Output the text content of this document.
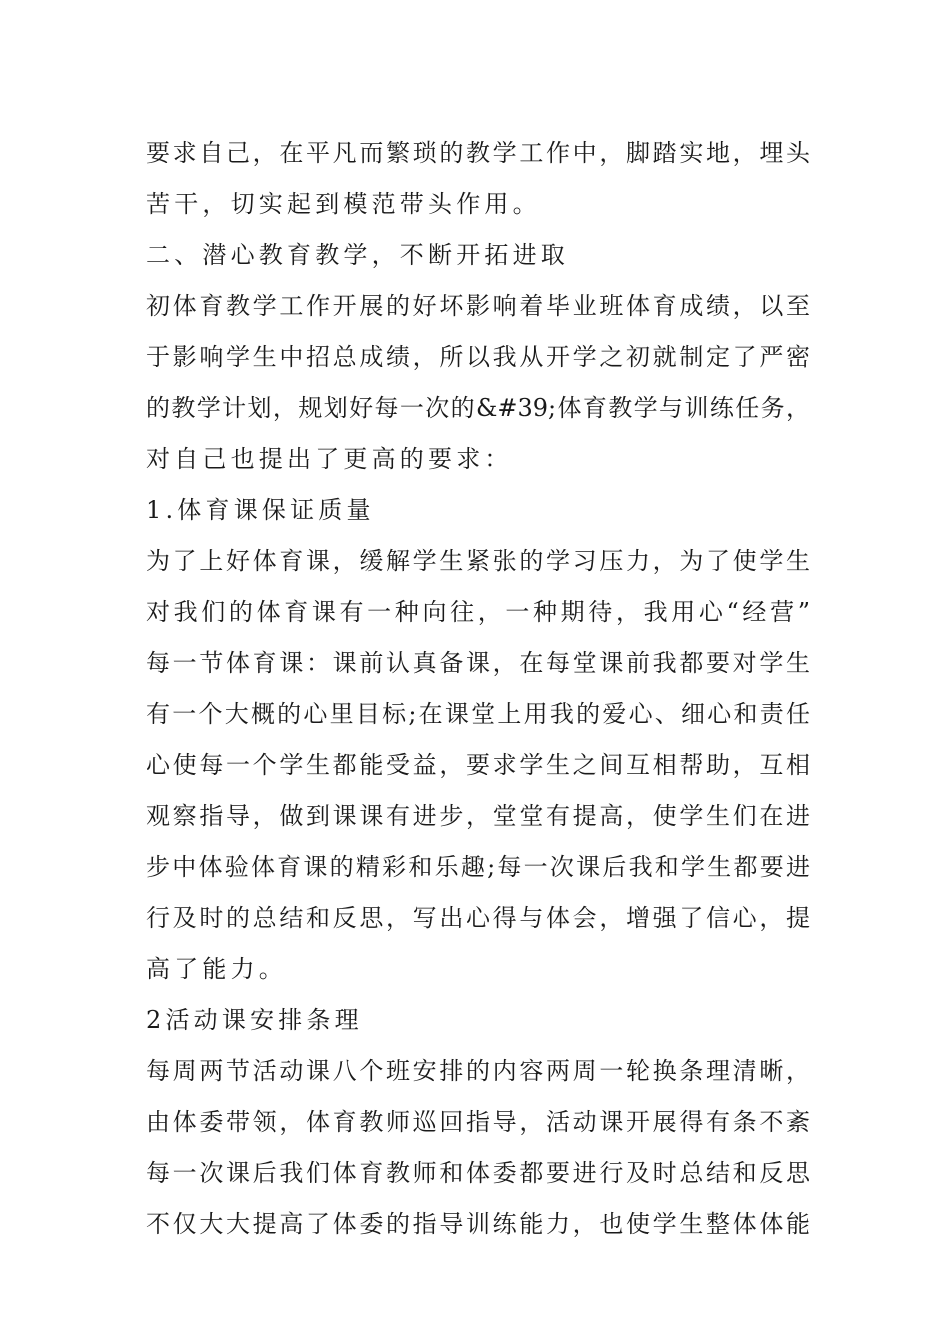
要求自己，在平凡而繁琐的教学工作中，脚踏实地，埋头
苦干，切实起到模范带头作用。
二、潜心教育教学，不断开拓进取
初体育教学工作开展的好坏影响着毕业班体育成绩，以至
于影响学生中招总成绩，所以我从开学之初就制定了严密
的教学计划，规划好每一次的&#39;体育教学与训练任务，
对自己也提出了更高的要求：
1.体育课保证质量
为了上好体育课，缓解学生紧张的学习压力，为了使学生
对我们的体育课有一种向往，一种期待，我用心“经营”
每一节体育课：课前认真备课，在每堂课前我都要对学生
有一个大概的心里目标;在课堂上用我的爱心、细心和责任
心使每一个学生都能受益，要求学生之间互相帮助，互相
观察指导，做到课课有进步，堂堂有提高，使学生们在进
步中体验体育课的精彩和乐趣;每一次课后我和学生都要进
行及时的总结和反思，写出心得与体会，增强了信心，提
高了能力。
2活动课安排条理
每周两节活动课八个班安排的内容两周一轮换条理清晰，
由体委带领，体育教师巡回指导，活动课开展得有条不紊
每一次课后我们体育教师和体委都要进行及时总结和反思
不仅大大提高了体委的指导训练能力，也使学生整体体能
